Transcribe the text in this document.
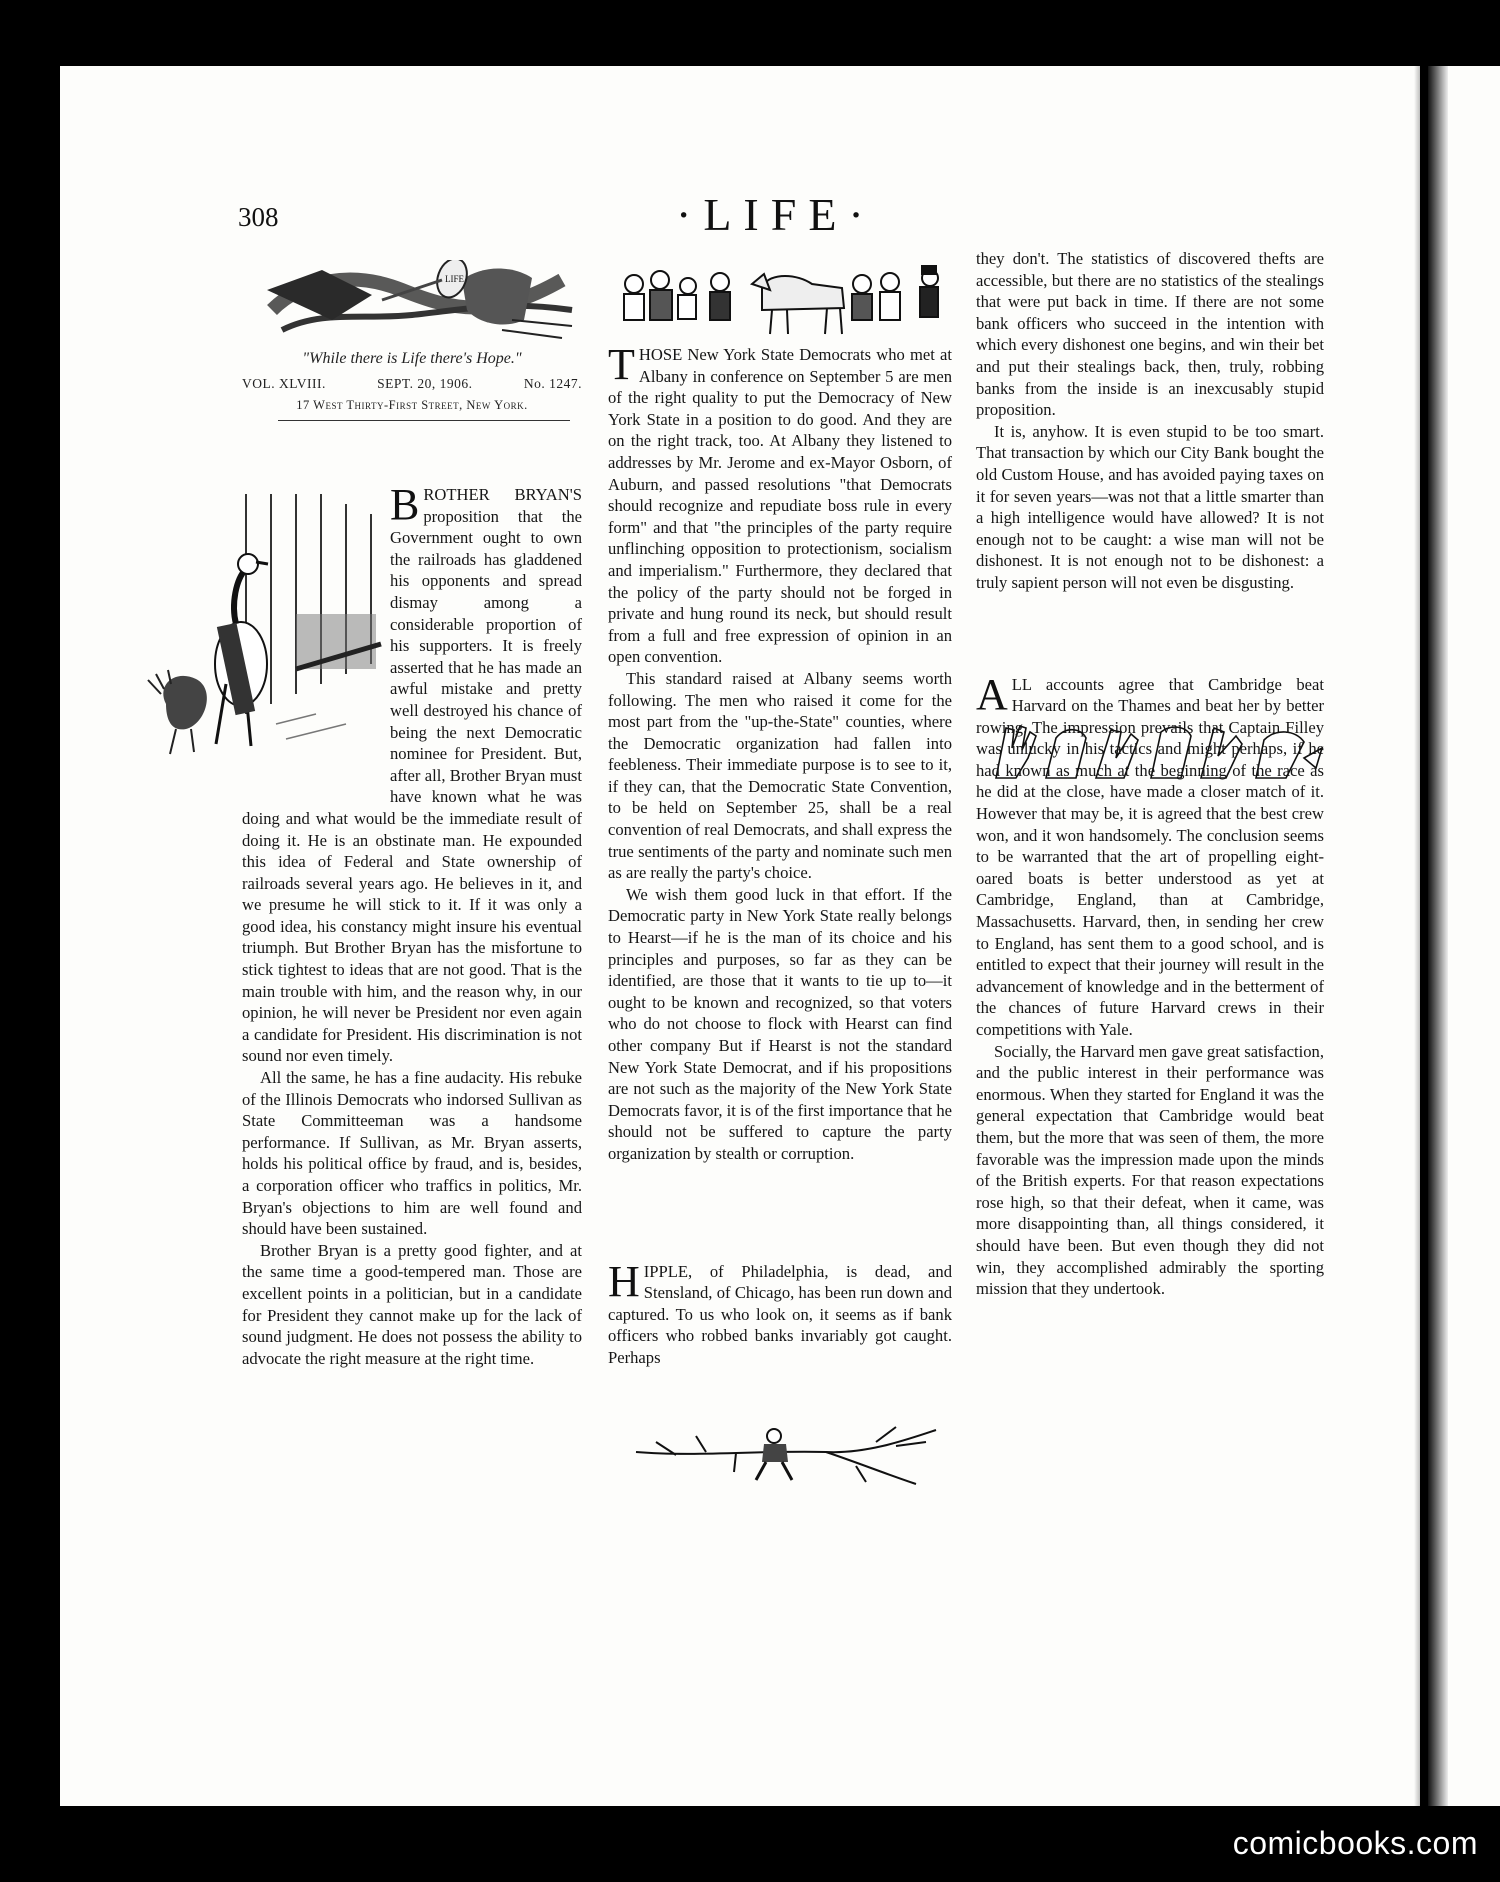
308	·LIFE·
LIFE
"While there is Life there's Hope."
VOL. XLVIII.	SEPT. 20, 1906.	No. 1247.
17 West Thirty-First Street, New York.

BROTHER BRYAN'S proposition that the Government ought to own the railroads has gladdened his opponents and spread dismay among a considerable proportion of his supporters. It is freely asserted that he has made an awful mistake and pretty well destroyed his chance of being the next Democratic nominee for President. But, after all, Brother Bryan must have known what he was doing and what would be the immediate result of doing it. He is an obstinate man. He expounded this idea of Federal and State ownership of railroads several years ago. He believes in it, and we presume he will stick to it. If it was only a good idea, his constancy might insure his eventual triumph. But Brother Bryan has the misfortune to stick tightest to ideas that are not good. That is the main trouble with him, and the reason why, in our opinion, he will never be President nor even again a candidate for President. His discrimination is not sound nor even timely.

All the same, he has a fine audacity. His rebuke of the Illinois Democrats who indorsed Sullivan as State Committeeman was a handsome performance. If Sullivan, as Mr. Bryan asserts, holds his political office by fraud, and is, besides, a corporation officer who traffics in politics, Mr. Bryan's objections to him are well found and should have been sustained.

Brother Bryan is a pretty good fighter, and at the same time a good-tempered man. Those are excellent points in a politician, but in a candidate for President they cannot make up for the lack of sound judgment. He does not possess the ability to advocate the right measure at the right time.

THOSE New York State Democrats who met at Albany in conference on September 5 are men of the right quality to put the Democracy of New York State in a position to do good. And they are on the right track, too. At Albany they listened to addresses by Mr. Jerome and ex-Mayor Osborn, of Auburn, and passed resolutions "that Democrats should recognize and repudiate boss rule in every form" and that "the principles of the party require unflinching opposition to protectionism, socialism and imperialism." Furthermore, they declared that the policy of the party should not be forged in private and hung round its neck, but should result from a full and free expression of opinion in an open convention.

This standard raised at Albany seems worth following. The men who raised it come for the most part from the "up-the-State" counties, where the Democratic organization had fallen into feebleness. Their immediate purpose is to see to it, if they can, that the Democratic State Convention, to be held on September 25, shall be a real convention of real Democrats, and shall express the true sentiments of the party and nominate such men as are really the party's choice.

We wish them good luck in that effort. If the Democratic party in New York State really belongs to Hearst—if he is the man of its choice and his principles and purposes, so far as they can be identified, are those that it wants to tie up to—it ought to be known and recognized, so that voters who do not choose to flock with Hearst can find other company But if Hearst is not the standard New York State Democrat, and if his propositions are not such as the majority of the New York State Democrats favor, it is of the first importance that he should not be suffered to capture the party organization by stealth or corruption.

HIPPLE, of Philadelphia, is dead, and Stensland, of Chicago, has been run down and captured. To us who look on, it seems as if bank officers who robbed banks invariably got caught. Perhaps

they don't. The statistics of discovered thefts are accessible, but there are no statistics of the stealings that were put back in time. If there are not some bank officers who succeed in the intention with which every dishonest one begins, and win their bet and put their stealings back, then, truly, robbing banks from the inside is an inexcusably stupid proposition.

It is, anyhow. It is even stupid to be too smart. That transaction by which our City Bank bought the old Custom House, and has avoided paying taxes on it for seven years—was not that a little smarter than a high intelligence would have allowed? It is not enough not to be caught: a wise man will not be dishonest. It is not enough not to be dishonest: a truly sapient person will not even be disgusting.

ALL accounts agree that Cambridge beat Harvard on the Thames and beat her by better rowing. The impression prevails that Captain Filley was unlucky in his tactics and might perhaps, if he had known as much at the beginning of the race as he did at the close, have made a closer match of it. However that may be, it is agreed that the best crew won, and it won handsomely. The conclusion seems to be warranted that the art of propelling eight-oared boats is better understood as yet at Cambridge, England, than at Cambridge, Massachusetts. Harvard, then, in sending her crew to England, has sent them to a good school, and is entitled to expect that their journey will result in the advancement of knowledge and in the betterment of the chances of future Harvard crews in their competitions with Yale.

Socially, the Harvard men gave great satisfaction, and the public interest in their performance was enormous. When they started for England it was the general expectation that Cambridge would beat them, but the more that was seen of them, the more favorable was the impression made upon the minds of the British experts. For that reason expectations rose high, so that their defeat, when it came, was more disappointing than, all things considered, it should have been. But even though they did not win, they accomplished admirably the sporting mission that they undertook.

comicbooks.com
